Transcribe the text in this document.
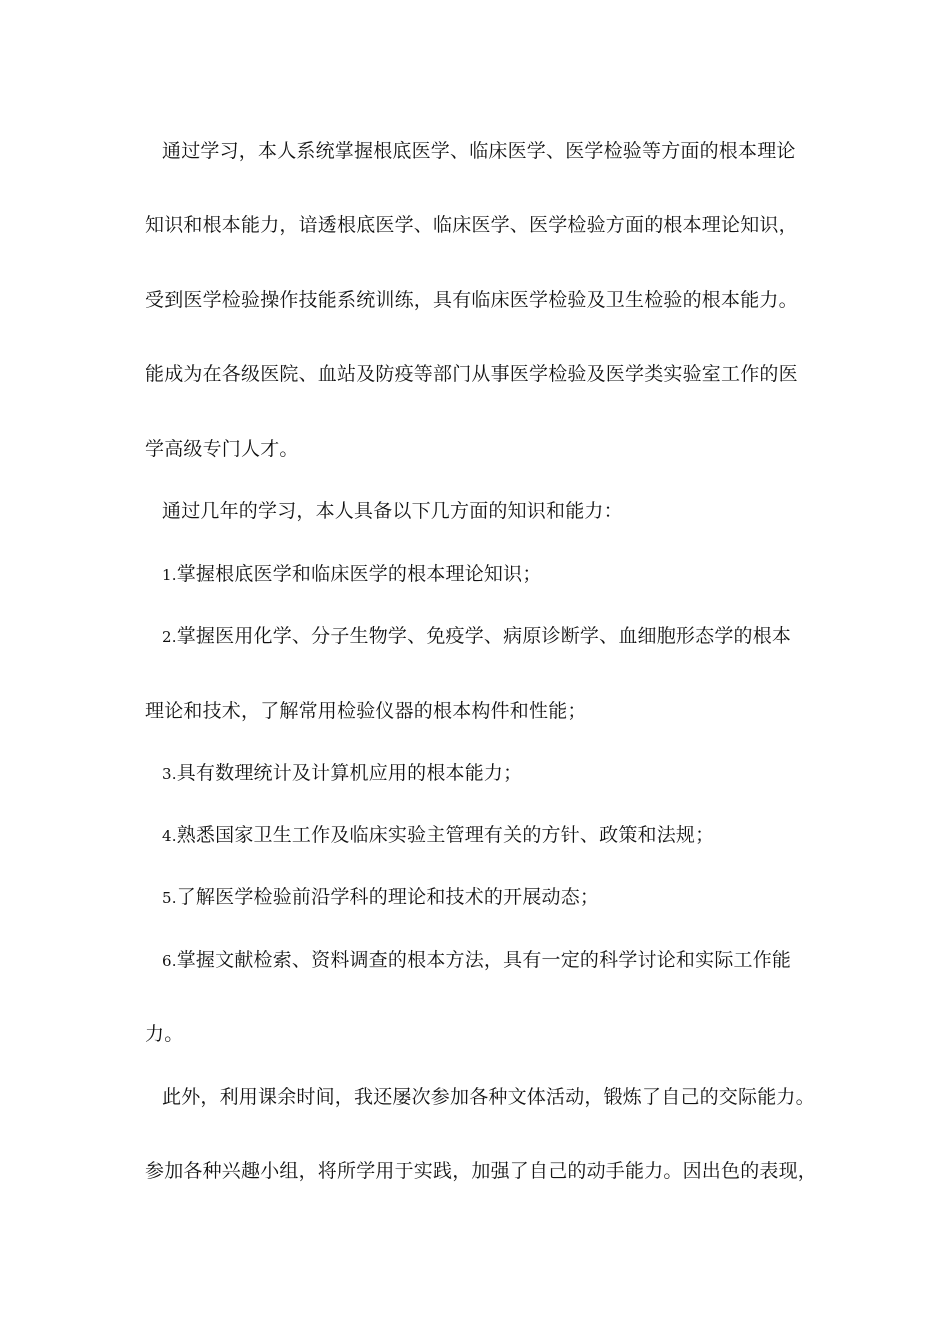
通过学习，本人系统掌握根底医学、临床医学、医学检验等方面的根本理论
知识和根本能力，谙透根底医学、临床医学、医学检验方面的根本理论知识，
受到医学检验操作技能系统训练，具有临床医学检验及卫生检验的根本能力。
能成为在各级医院、血站及防疫等部门从事医学检验及医学类实验室工作的医
学高级专门人才。
通过几年的学习，本人具备以下几方面的知识和能力：
1.掌握根底医学和临床医学的根本理论知识；
2.掌握医用化学、分子生物学、免疫学、病原诊断学、血细胞形态学的根本
理论和技术，了解常用检验仪器的根本构件和性能；
3.具有数理统计及计算机应用的根本能力；
4.熟悉国家卫生工作及临床实验主管理有关的方针、政策和法规；
5.了解医学检验前沿学科的理论和技术的开展动态；
6.掌握文献检索、资料调查的根本方法，具有一定的科学讨论和实际工作能
力。
此外，利用课余时间，我还屡次参加各种文体活动，锻炼了自己的交际能力。
参加各种兴趣小组，将所学用于实践，加强了自己的动手能力。因出色的表现，
